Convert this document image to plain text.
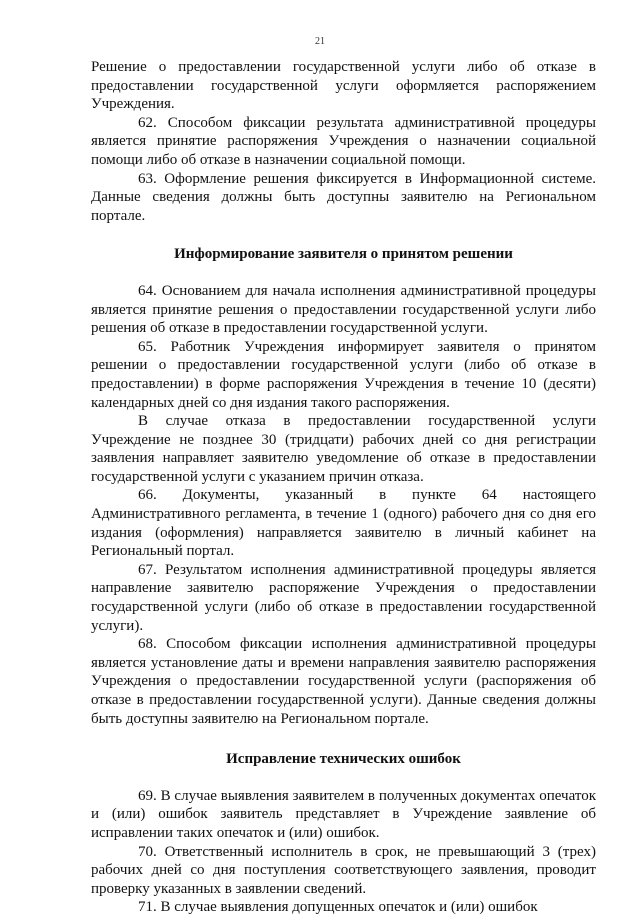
21

Решение о предоставлении государственной услуги либо об отказе в предоставлении государственной услуги оформляется распоряжением Учреждения.

62. Способом фиксации результата административной процедуры является принятие распоряжения Учреждения о назначении социальной помощи либо об отказе в назначении социальной помощи.

63. Оформление решения фиксируется в Информационной системе. Данные сведения должны быть доступны заявителю на Региональном портале.

Информирование заявителя о принятом решении

64. Основанием для начала исполнения административной процедуры является принятие решения о предоставлении государственной услуги либо решения об отказе в предоставлении государственной услуги.

65. Работник Учреждения информирует заявителя о принятом решении о предоставлении государственной услуги (либо об отказе в предоставлении) в форме распоряжения Учреждения в течение 10 (десяти) календарных дней со дня издания такого распоряжения.

В случае отказа в предоставлении государственной услуги Учреждение не позднее 30 (тридцати) рабочих дней со дня регистрации заявления направляет заявителю уведомление об отказе в предоставлении государственной услуги с указанием причин отказа.

66. Документы, указанный в пункте 64 настоящего Административного регламента, в течение 1 (одного) рабочего дня со дня его издания (оформления) направляется заявителю в личный кабинет на Региональный портал.

67. Результатом исполнения административной процедуры является направление заявителю распоряжение Учреждения о предоставлении государственной услуги (либо об отказе в предоставлении государственной услуги).

68. Способом фиксации исполнения административной процедуры является установление даты и времени направления заявителю распоряжения Учреждения о предоставлении государственной услуги (распоряжения об отказе в предоставлении государственной услуги). Данные сведения должны быть доступны заявителю на Региональном портале.

Исправление технических ошибок

69. В случае выявления заявителем в полученных документах опечаток и (или) ошибок заявитель представляет в Учреждение заявление об исправлении таких опечаток и (или) ошибок.

70. Ответственный исполнитель в срок, не превышающий 3 (трех) рабочих дней со дня поступления соответствующего заявления, проводит проверку указанных в заявлении сведений.

71. В случае выявления допущенных опечаток и (или) ошибок
